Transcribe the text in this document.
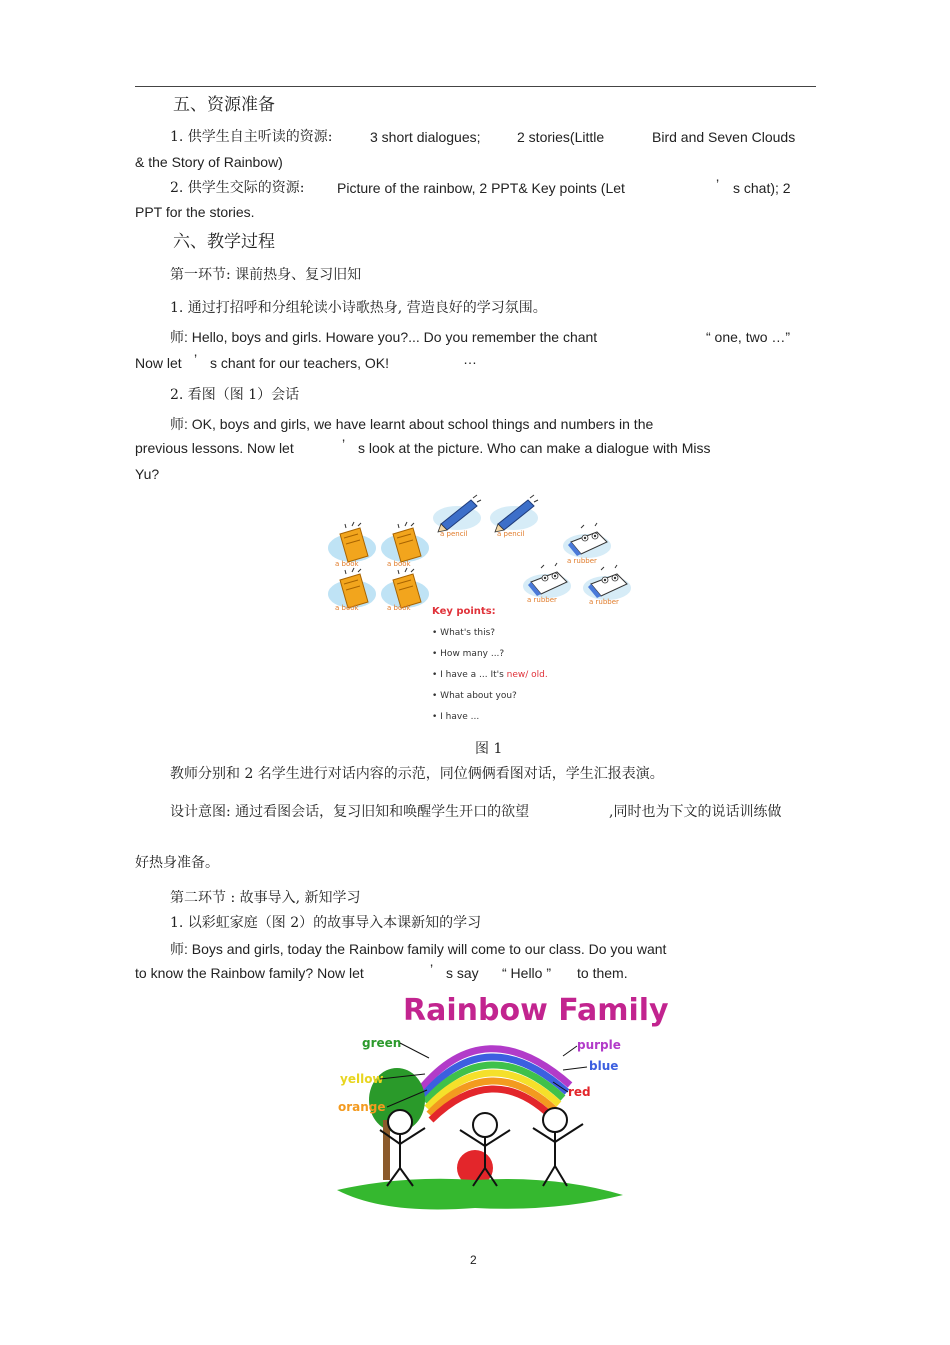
五、资源准备
1. 供学生自主听读的资源:	3 short dialogues;	2 stories(Little	Bird and Seven Clouds
& the Story of Rainbow)
2. 供学生交际的资源: Picture of the rainbow, 2 PPT& Key points (Let	’ s chat); 2
PPT for the stories.
六、教学过程
第一环节: 课前热身、复习旧知
1. 通过打招呼和分组轮读小诗歌热身, 营造良好的学习氛围。
师: Hello, boys and girls. Howare you?... Do you remember the chant	“ one, two …”
Now let ’ s chant for our teachers, OK!	…
2. 看图（图 1）会话
师: OK, boys and girls, we have learnt about school things and numbers in the
previous lessons. Now let	’ s look at the picture. Who can make a dialogue with Miss
Yu?
a book	a book
a book	a book
a pencil	a pencil
a rubber
a rubber	a rubber
Key points:
• What's this?
• How many ...?
• I have a ... It's new/ old.
• What about you?
• I have ...
图 1
教师分别和 2 名学生进行对话内容的示范，同位俩俩看图对话，学生汇报表演。
设计意图: 通过看图会话，复习旧知和唤醒学生开口的欲望	,同时也为下文的说话训练做
好热身准备。
第二环节 : 故事导入, 新知学习
1. 以彩虹家庭（图 2）的故事导入本课新知的学习
师: Boys and girls, today the Rainbow family will come to our class. Do you want
to know the Rainbow family? Now let	’ s say “ Hello ” to them.
Rainbow Family
green
yellow
orange
purple
blue
red
2
